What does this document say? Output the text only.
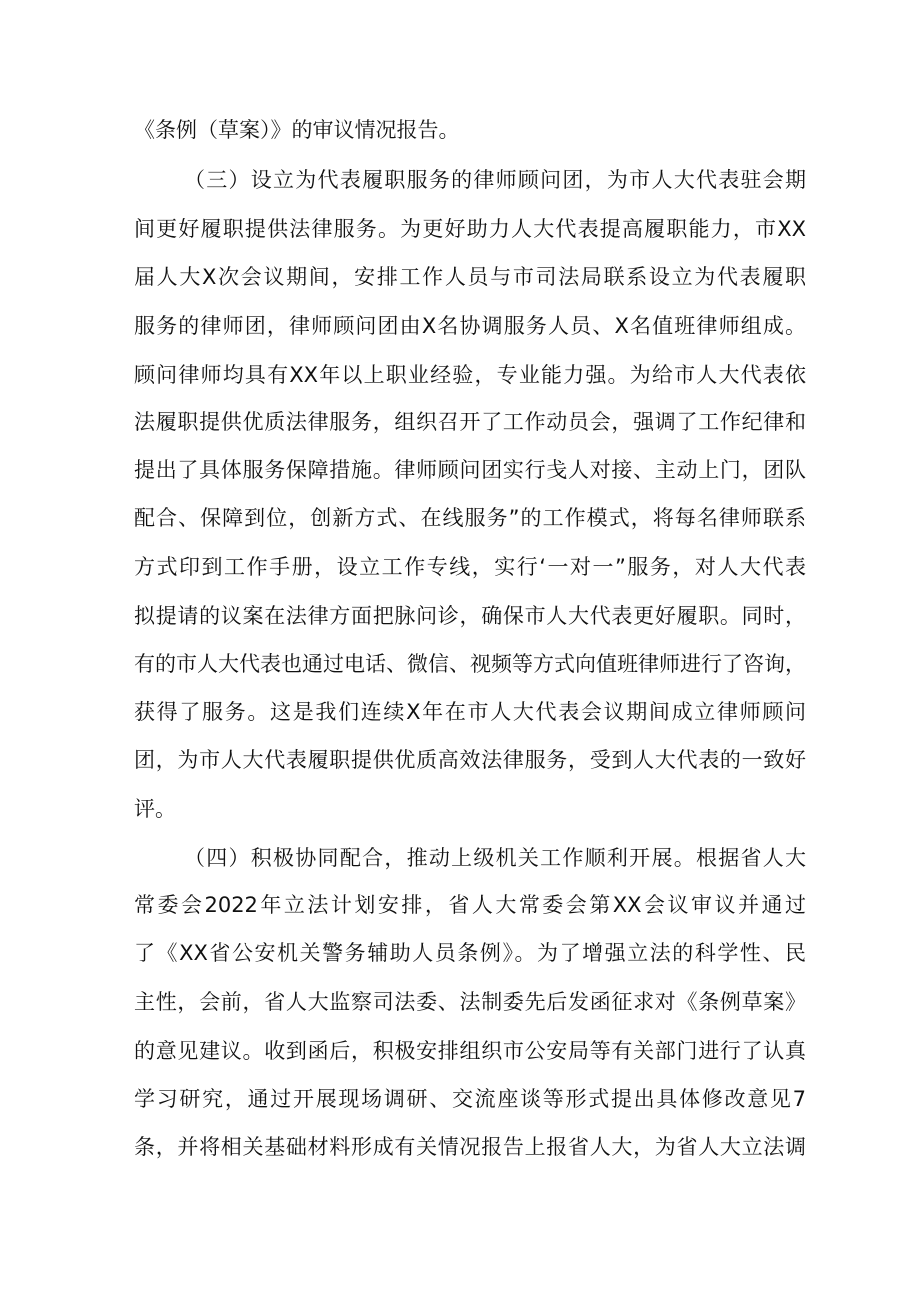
《条例（草案）》的审议情况报告。
（三）设立为代表履职服务的律师顾问团，为市人大代表驻会期
间更好履职提供法律服务。为更好助力人大代表提高履职能力，市XX
届人大X次会议期间，安排工作人员与市司法局联系设立为代表履职
服务的律师团，律师顾问团由X名协调服务人员、X名值班律师组成。
顾问律师均具有XX年以上职业经验，专业能力强。为给市人大代表依
法履职提供优质法律服务，组织召开了工作动员会，强调了工作纪律和
提出了具体服务保障措施。律师顾问团实行戋人对接、主动上门，团队
配合、保障到位，创新方式、在线服务”的工作模式，将每名律师联系
方式印到工作手册，设立工作专线，实行‘一对一”服务，对人大代表
拟提请的议案在法律方面把脉问诊，确保市人大代表更好履职。同时，
有的市人大代表也通过电话、微信、视频等方式向值班律师进行了咨询，
获得了服务。这是我们连续X年在市人大代表会议期间成立律师顾问
团，为市人大代表履职提供优质高效法律服务，受到人大代表的一致好
评。
（四）积极协同配合，推动上级机关工作顺利开展。根据省人大
常委会2022年立法计划安排，省人大常委会第XX会议审议并通过
了《XX省公安机关警务辅助人员条例》。为了增强立法的科学性、民
主性，会前，省人大监察司法委、法制委先后发函征求对《条例草案》
的意见建议。收到函后，积极安排组织市公安局等有关部门进行了认真
学习研究，通过开展现场调研、交流座谈等形式提出具体修改意见7
条，并将相关基础材料形成有关情况报告上报省人大，为省人大立法调
